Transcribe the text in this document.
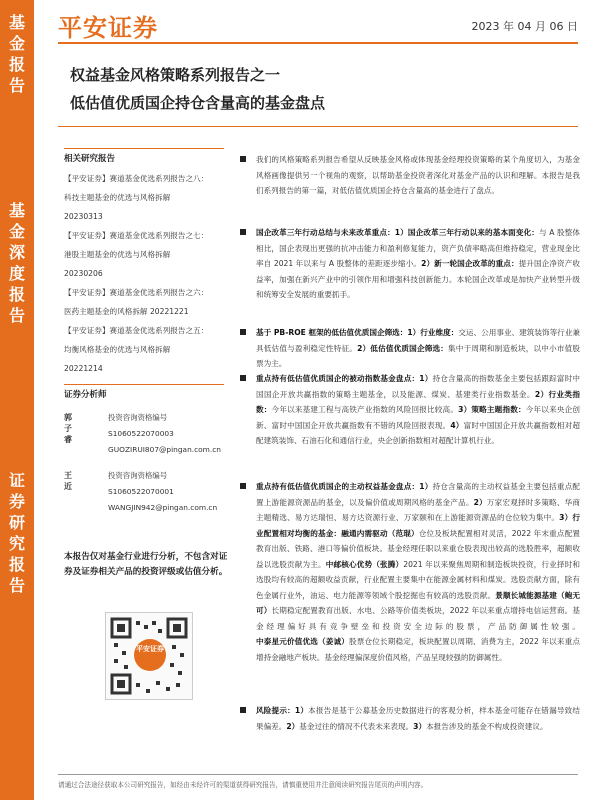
基
金
报
告
基
金
深
度
报
告
证
券
研
究
报
告
平安证券	2023 年 04 月 06 日
权益基金风格策略系列报告之一
低估值优质国企持仓含量高的基金盘点
相关研究报告
【平安证券】赛道基金优选系列报告之八：
科技主题基金的优选与风格拆解
20230313
【平安证券】赛道基金优选系列报告之七：
港股主题基金的优选与风格拆解
20230206
【平安证券】赛道基金优选系列报告之六：
医药主题基金的风格拆解 20221221
【平安证券】赛道基金优选系列报告之五：
均衡风格基金的优选与风格拆解
20221214
证券分析师
郭子睿
投资咨询资格编号
S1060522070003
GUOZIRUI807@pingan.com.cn
王近
投资咨询资格编号
S1060522070001
WANGJIN942@pingan.com.cn
本报告仅对基金行业进行分析，不包含对证券及证券相关产品的投资评级或估值分析。
平安证券
我们的风格策略系列报告希望从反映基金风格或体现基金经理投资策略的某个角度切入，为基金风格画像提供另一个视角的观察，以帮助基金投资者深化对基金产品的认识和理解。本报告是我们系列报告的第一篇，对低估值优质国企持仓含量高的基金进行了盘点。
国企改革三年行动总结与未来改革重点：1）国企改革三年行动以来的基本面变化：与 A 股整体相比，国企表现出更强的抗冲击能力和盈利修复能力，资产负债率略高但维持稳定，营业现金比率自 2021 年以来与 A 股整体的差距逐步缩小。2）新一轮国企改革的重点：提升国企净资产收益率，加强在新兴产业中的引领作用和增强科技创新能力。本轮国企改革或是加快产业转型升级和统筹安全发展的重要抓手。
基于 PB-ROE 框架的低估值优质国企筛选：1）行业维度：交运、公用事业、建筑装饰等行业兼具低估值与盈利稳定性特征。2）低估值优质国企筛选：集中于周期和制造板块，以中小市值股票为主。
重点持有低估值优质国企的被动指数基金盘点：1）持仓含量高的指数基金主要包括跟踪富时中国国企开放共赢指数的策略主题基金，以及能源、煤炭、基建类行业指数基金。2）行业类指数：今年以来基建工程与高铁产业指数的风险回报比较高。3）策略主题指数：今年以来央企创新、富时中国国企开放共赢指数有不错的风险回报表现。4）富时中国国企开放共赢指数相对超配建筑装饰、石油石化和通信行业，央企创新指数相对超配计算机行业。
重点持有低估值优质国企的主动权益基金盘点：1）持仓含量高的主动权益基金主要包括重点配置上游能源资源品的基金，以及偏价值或周期风格的基金产品。2）万家宏观择时多策略、华商主题精选、易方达瑞恒、易方达资源行业、万家颐和在上游能源资源品的仓位较为集中。3）行业配置相对均衡的基金：融通内需驱动（范琨）仓位及板块配置相对灵活，2022 年末重点配置教育出版、铁路、港口等偏价值板块。基金经理任职以来重仓股表现出较高的选股胜率，超额收益以选股贡献为主。中邮核心优势（张腾）2021 年以来聚焦周期和制造板块投资，行业择时和选股均有较高的超额收益贡献，行业配置主要集中在能源金属材料和煤炭。选股贡献方面，除有色金属行业外，油运、电力能源等领域个股挖掘也有较高的选股贡献。景顺长城能源基建（鲍无可）长期稳定配置教育出版、水电、公路等价值类板块，2022 年以来重点增持电信运营商。基金经理偏好具有竞争壁垒和投资安全边际的股票，产品防御属性较强。中泰星元价值优选（姜诚）股票仓位长期稳定，板块配置以周期、消费为主，2022 年以来重点增持金融地产板块。基金经理偏深度价值风格，产品呈现较强的防御属性。
风险提示：1）本报告是基于公募基金历史数据进行的客观分析，样本基金可能存在错漏导致结果偏差。2）基金过往的情况不代表未来表现。3）本报告涉及的基金不构成投资建议。
请通过合法途径获取本公司研究报告，如经由未经许可的渠道获得研究报告，请慎重使用并注意阅读研究报告尾页的声明内容。
